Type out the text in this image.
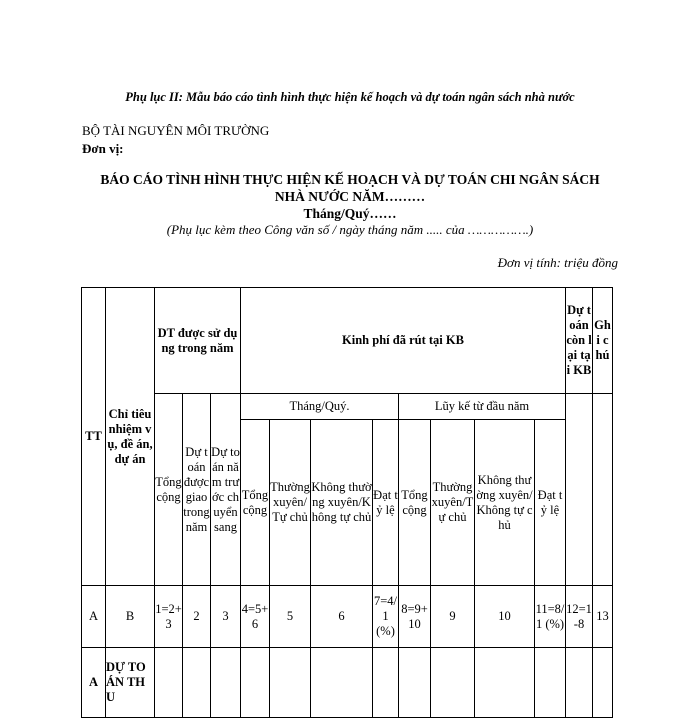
Phụ lục II: Mẫu báo cáo tình hình thực hiện kế hoạch và dự toán ngân sách nhà nước
BỘ TÀI NGUYÊN MÔI TRƯỜNG
Đơn vị:
BÁO CÁO TÌNH HÌNH THỰC HIỆN KẾ HOẠCH VÀ DỰ TOÁN CHI NGÂN SÁCH
NHÀ NƯỚC NĂM………
Tháng/Quý……
(Phụ lục kèm theo Công văn số / ngày tháng năm ..... của …………….)
Đơn vị tính: triệu đồng
TT	Chỉ tiêu nhiệm vụ, đề án, dự án	DT được sử dụng trong năm			Kinh phí đã rút tại KB								Dự toán còn lại tại KB	Ghi chú
		Tổng cộng	Dự toán được giao trong năm	Dự toán năm trước chuyển sang	Tháng/Quý.				Lũy kế từ đầu năm					
					Tổng cộng	Thường xuyên/Tự chủ	Không thường xuyên/Không tự chủ	Đạt tỷ lệ	Tổng cộng	Thường xuyên/Tự chủ	Không thường xuyên/Không tự chủ	Đạt tỷ lệ		
A	B	1=2+3	2	3	4=5+6	5	6	7=4/1 (%)	8=9+10	9	10	11=8/1 (%)	12=1-8	13
A	DỰ TOÁN THU													
